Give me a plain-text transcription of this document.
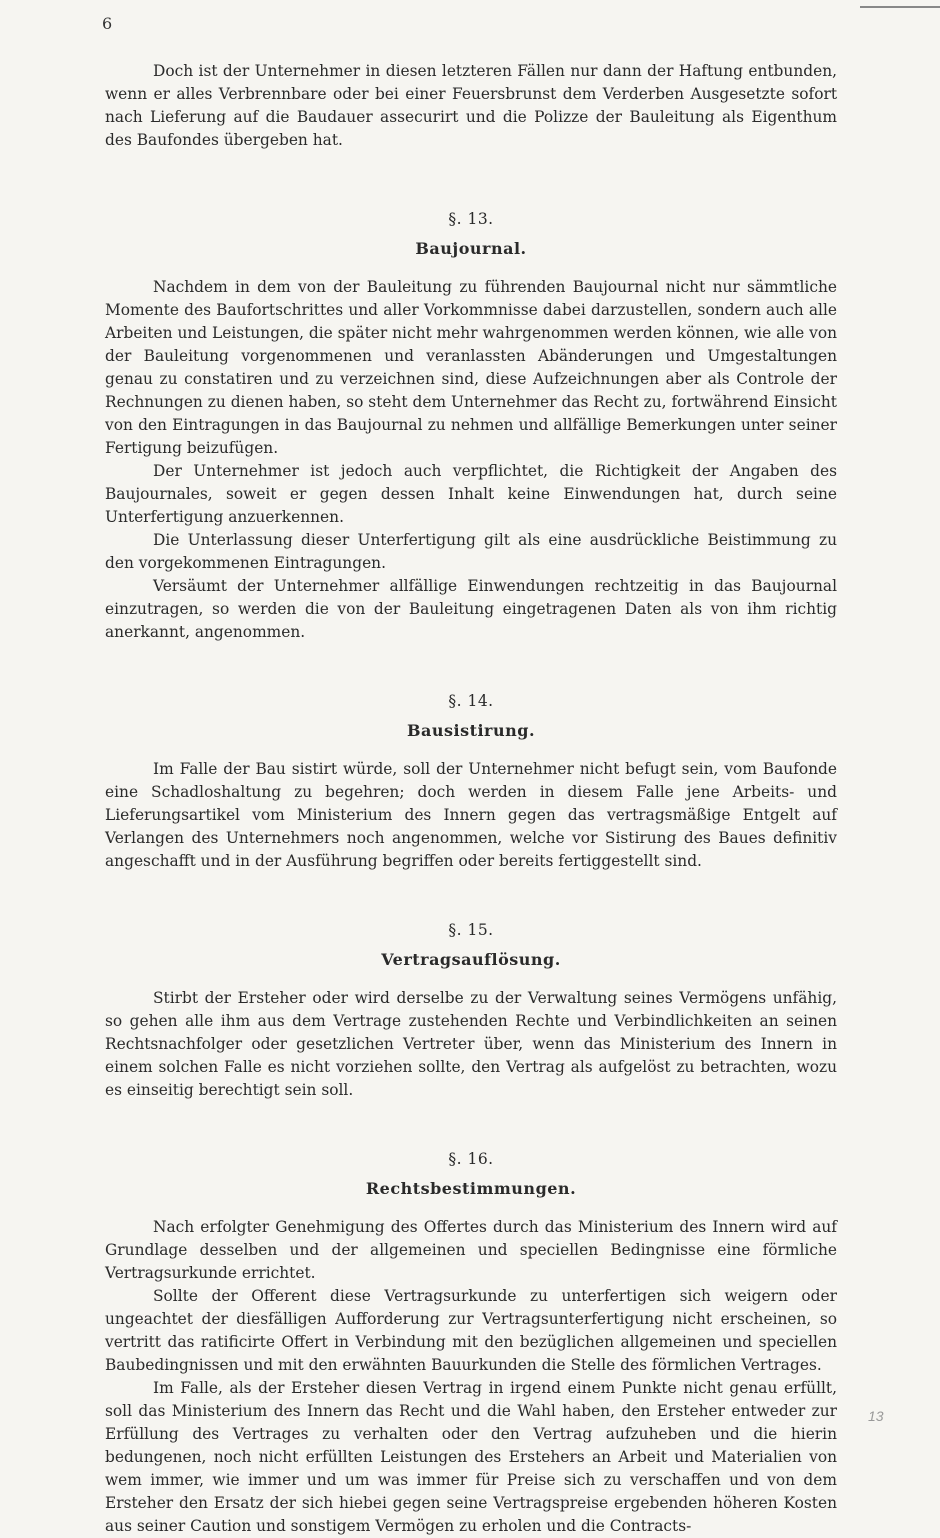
6

Doch ist der Unternehmer in diesen letzteren Fällen nur dann der Haftung entbunden, wenn er alles Verbrennbare oder bei einer Feuersbrunst dem Verderben Ausgesetzte sofort nach Lieferung auf die Baudauer assecurirt und die Polizze der Bauleitung als Eigenthum des Baufondes übergeben hat.

§. 13.
Baujournal.

Nachdem in dem von der Bauleitung zu führenden Baujournal nicht nur sämmtliche Momente des Baufortschrittes und aller Vorkommnisse dabei darzustellen, sondern auch alle Arbeiten und Leistungen, die später nicht mehr wahrgenommen werden können, wie alle von der Bauleitung vorgenommenen und veranlassten Abänderungen und Umgestaltungen genau zu constatiren und zu verzeichnen sind, diese Aufzeichnungen aber als Controle der Rechnungen zu dienen haben, so steht dem Unternehmer das Recht zu, fortwährend Einsicht von den Eintragungen in das Baujournal zu nehmen und allfällige Bemerkungen unter seiner Fertigung beizufügen.

Der Unternehmer ist jedoch auch verpflichtet, die Richtigkeit der Angaben des Baujournales, soweit er gegen dessen Inhalt keine Einwendungen hat, durch seine Unterfertigung anzuerkennen.

Die Unterlassung dieser Unterfertigung gilt als eine ausdrückliche Beistimmung zu den vorgekommenen Eintragungen.

Versäumt der Unternehmer allfällige Einwendungen rechtzeitig in das Baujournal einzutragen, so werden die von der Bauleitung eingetragenen Daten als von ihm richtig anerkannt, angenommen.

§. 14.
Bausistirung.

Im Falle der Bau sistirt würde, soll der Unternehmer nicht befugt sein, vom Baufonde eine Schadloshaltung zu begehren; doch werden in diesem Falle jene Arbeits- und Lieferungsartikel vom Ministerium des Innern gegen das vertragsmäßige Entgelt auf Verlangen des Unternehmers noch angenommen, welche vor Sistirung des Baues definitiv angeschafft und in der Ausführung begriffen oder bereits fertiggestellt sind.

§. 15.
Vertragsauflösung.

Stirbt der Ersteher oder wird derselbe zu der Verwaltung seines Vermögens unfähig, so gehen alle ihm aus dem Vertrage zustehenden Rechte und Verbindlichkeiten an seinen Rechtsnachfolger oder gesetzlichen Vertreter über, wenn das Ministerium des Innern in einem solchen Falle es nicht vorziehen sollte, den Vertrag als aufgelöst zu betrachten, wozu es einseitig berechtigt sein soll.

§. 16.
Rechtsbestimmungen.

Nach erfolgter Genehmigung des Offertes durch das Ministerium des Innern wird auf Grundlage desselben und der allgemeinen und speciellen Bedingnisse eine förmliche Vertragsurkunde errichtet.

Sollte der Offerent diese Vertragsurkunde zu unterfertigen sich weigern oder ungeachtet der diesfälligen Aufforderung zur Vertragsunterfertigung nicht erscheinen, so vertritt das ratificirte Offert in Verbindung mit den bezüglichen allgemeinen und speciellen Baubedingnissen und mit den erwähnten Bauurkunden die Stelle des förmlichen Vertrages.

Im Falle, als der Ersteher diesen Vertrag in irgend einem Punkte nicht genau erfüllt, soll das Ministerium des Innern das Recht und die Wahl haben, den Ersteher entweder zur Erfüllung des Vertrages zu verhalten oder den Vertrag aufzuheben und die hierin bedungenen, noch nicht erfüllten Leistungen des Erstehers an Arbeit und Materialien von wem immer, wie immer und um was immer für Preise sich zu verschaffen und von dem Ersteher den Ersatz der sich hiebei gegen seine Vertragspreise ergebenden höheren Kosten aus seiner Caution und sonstigem Vermögen zu erholen und die Contracts-

13
